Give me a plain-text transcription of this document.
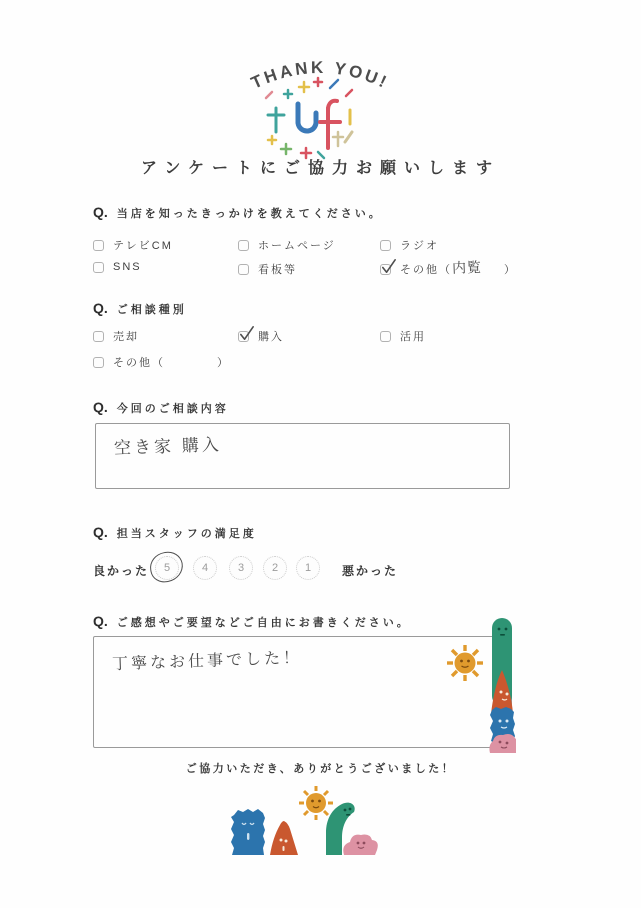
THANK YOU!
アンケートにご協力お願いします
Q. 当店を知ったきっかけを教えてください。
テレビCM	ホームページ	ラジオ
SNS	看板等	その他（ 内覧	）
Q. ご相談種別
売却	購入	活用
その他（　　　　）
Q. 今回のご相談内容
空き家 購入
Q. 担当スタッフの満足度
良かった	5	4	3	2	1	悪かった
Q. ご感想やご要望などご自由にお書きください。
丁寧なお仕事でした！
ご協力いただき、ありがとうございました！
